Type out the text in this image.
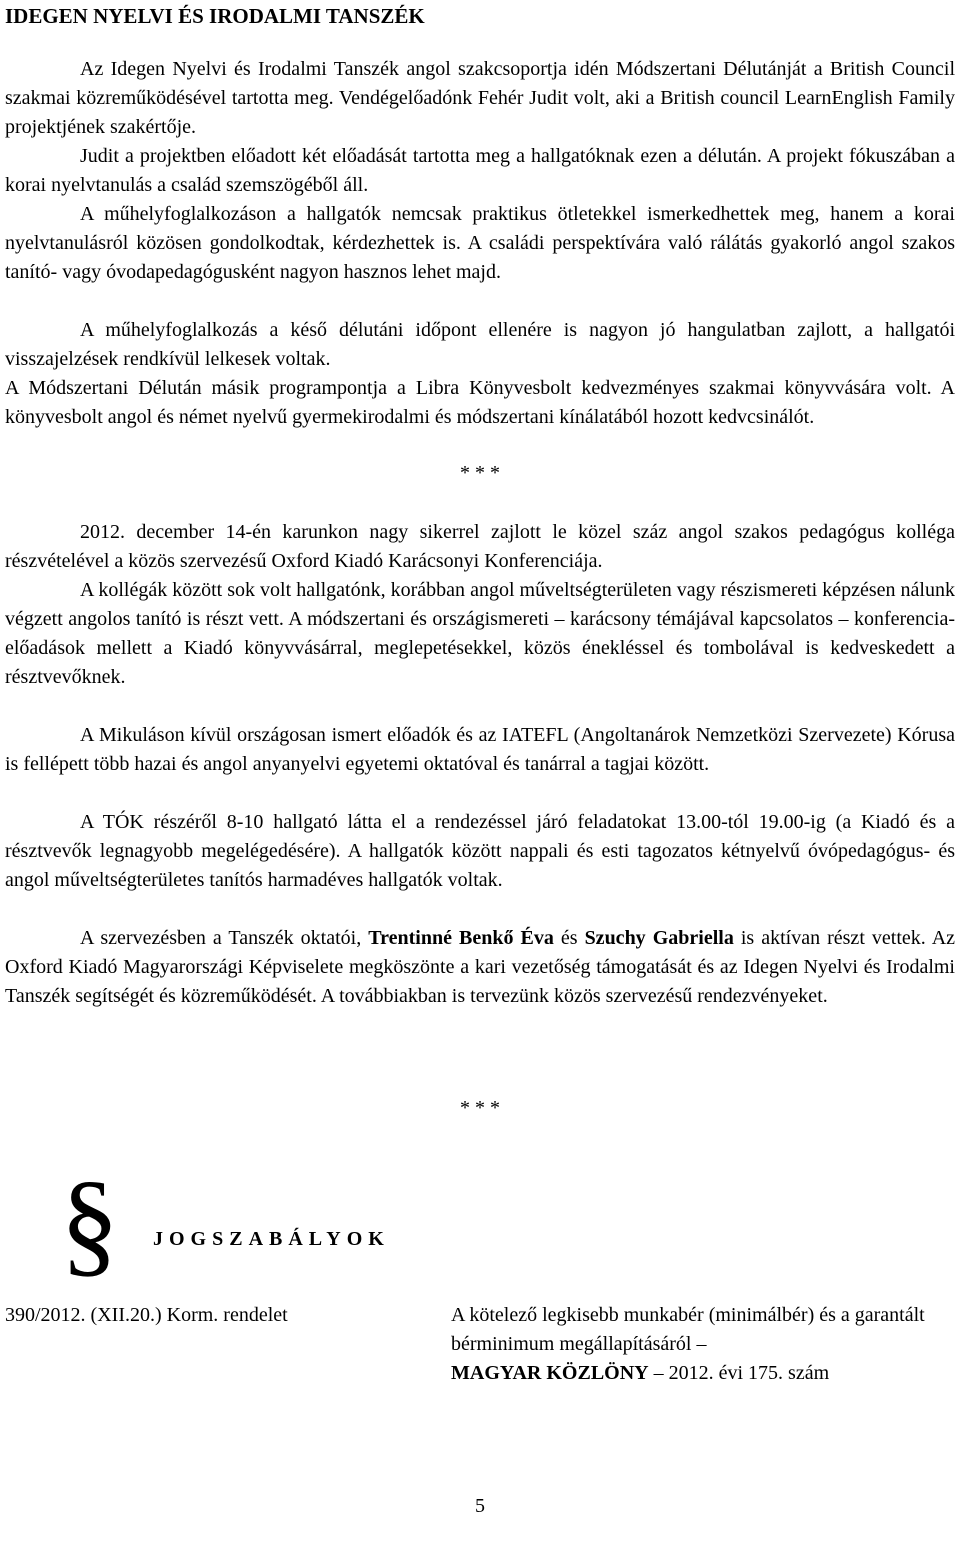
IDEGEN NYELVI ÉS IRODALMI TANSZÉK

Az Idegen Nyelvi és Irodalmi Tanszék angol szakcsoportja idén Módszertani Délutánját a British Council szakmai közreműködésével tartotta meg. Vendégelőadónk Fehér Judit volt, aki a British council LearnEnglish Family projektjének szakértője.

Judit a projektben előadott két előadását tartotta meg a hallgatóknak ezen a délután. A projekt fókuszában a korai nyelvtanulás a család szemszögéből áll.

A műhelyfoglalkozáson a hallgatók nemcsak praktikus ötletekkel ismerkedhettek meg, hanem a korai nyelvtanulásról közösen gondolkodtak, kérdezhettek is. A családi perspektívára való rálátás gyakorló angol szakos tanító- vagy óvodapedagógusként nagyon hasznos lehet majd.

A műhelyfoglalkozás a késő délutáni időpont ellenére is nagyon jó hangulatban zajlott, a hallgatói visszajelzések rendkívül lelkesek voltak.

A Módszertani Délután másik programpontja a Libra Könyvesbolt kedvezményes szakmai könyvvására volt. A könyvesbolt angol és német nyelvű gyermekirodalmi és módszertani kínálatából hozott kedvcsinálót.

* * *

2012. december 14-én karunkon nagy sikerrel zajlott le közel száz angol szakos pedagógus kolléga részvételével a közös szervezésű Oxford Kiadó Karácsonyi Konferenciája.

A kollégák között sok volt hallgatónk, korábban angol műveltségterületen vagy részismereti képzésen nálunk végzett angolos tanító is részt vett. A módszertani és országismereti – karácsony témájával kapcsolatos – konferencia-előadások mellett a Kiadó könyvvásárral, meglepetésekkel, közös énekléssel és tombolával is kedveskedett a résztvevőknek.

A Mikuláson kívül országosan ismert előadók és az IATEFL (Angoltanárok Nemzetközi Szervezete) Kórusa is fellépett több hazai és angol anyanyelvi egyetemi oktatóval és tanárral a tagjai között.

A TÓK részéről 8-10 hallgató látta el a rendezéssel járó feladatokat 13.00-tól 19.00-ig (a Kiadó és a résztvevők legnagyobb megelégedésére). A hallgatók között nappali és esti tagozatos kétnyelvű óvópedagógus- és angol műveltségterületes tanítós harmadéves hallgatók voltak.

A szervezésben a Tanszék oktatói, Trentinné Benkő Éva és Szuchy Gabriella is aktívan részt vettek. Az Oxford Kiadó Magyarországi Képviselete megköszönte a kari vezetőség támogatását és az Idegen Nyelvi és Irodalmi Tanszék segítségét és közreműködését. A továbbiakban is tervezünk közös szervezésű rendezvényeket.

* * *
§ JOGSZABÁLYOK
390/2012. (XII.20.) Korm. rendelet	A kötelező legkisebb munkabér (minimálbér) és a garantált bérminimum megállapításáról –
MAGYAR KÖZLÖNY – 2012. évi 175. szám
5
